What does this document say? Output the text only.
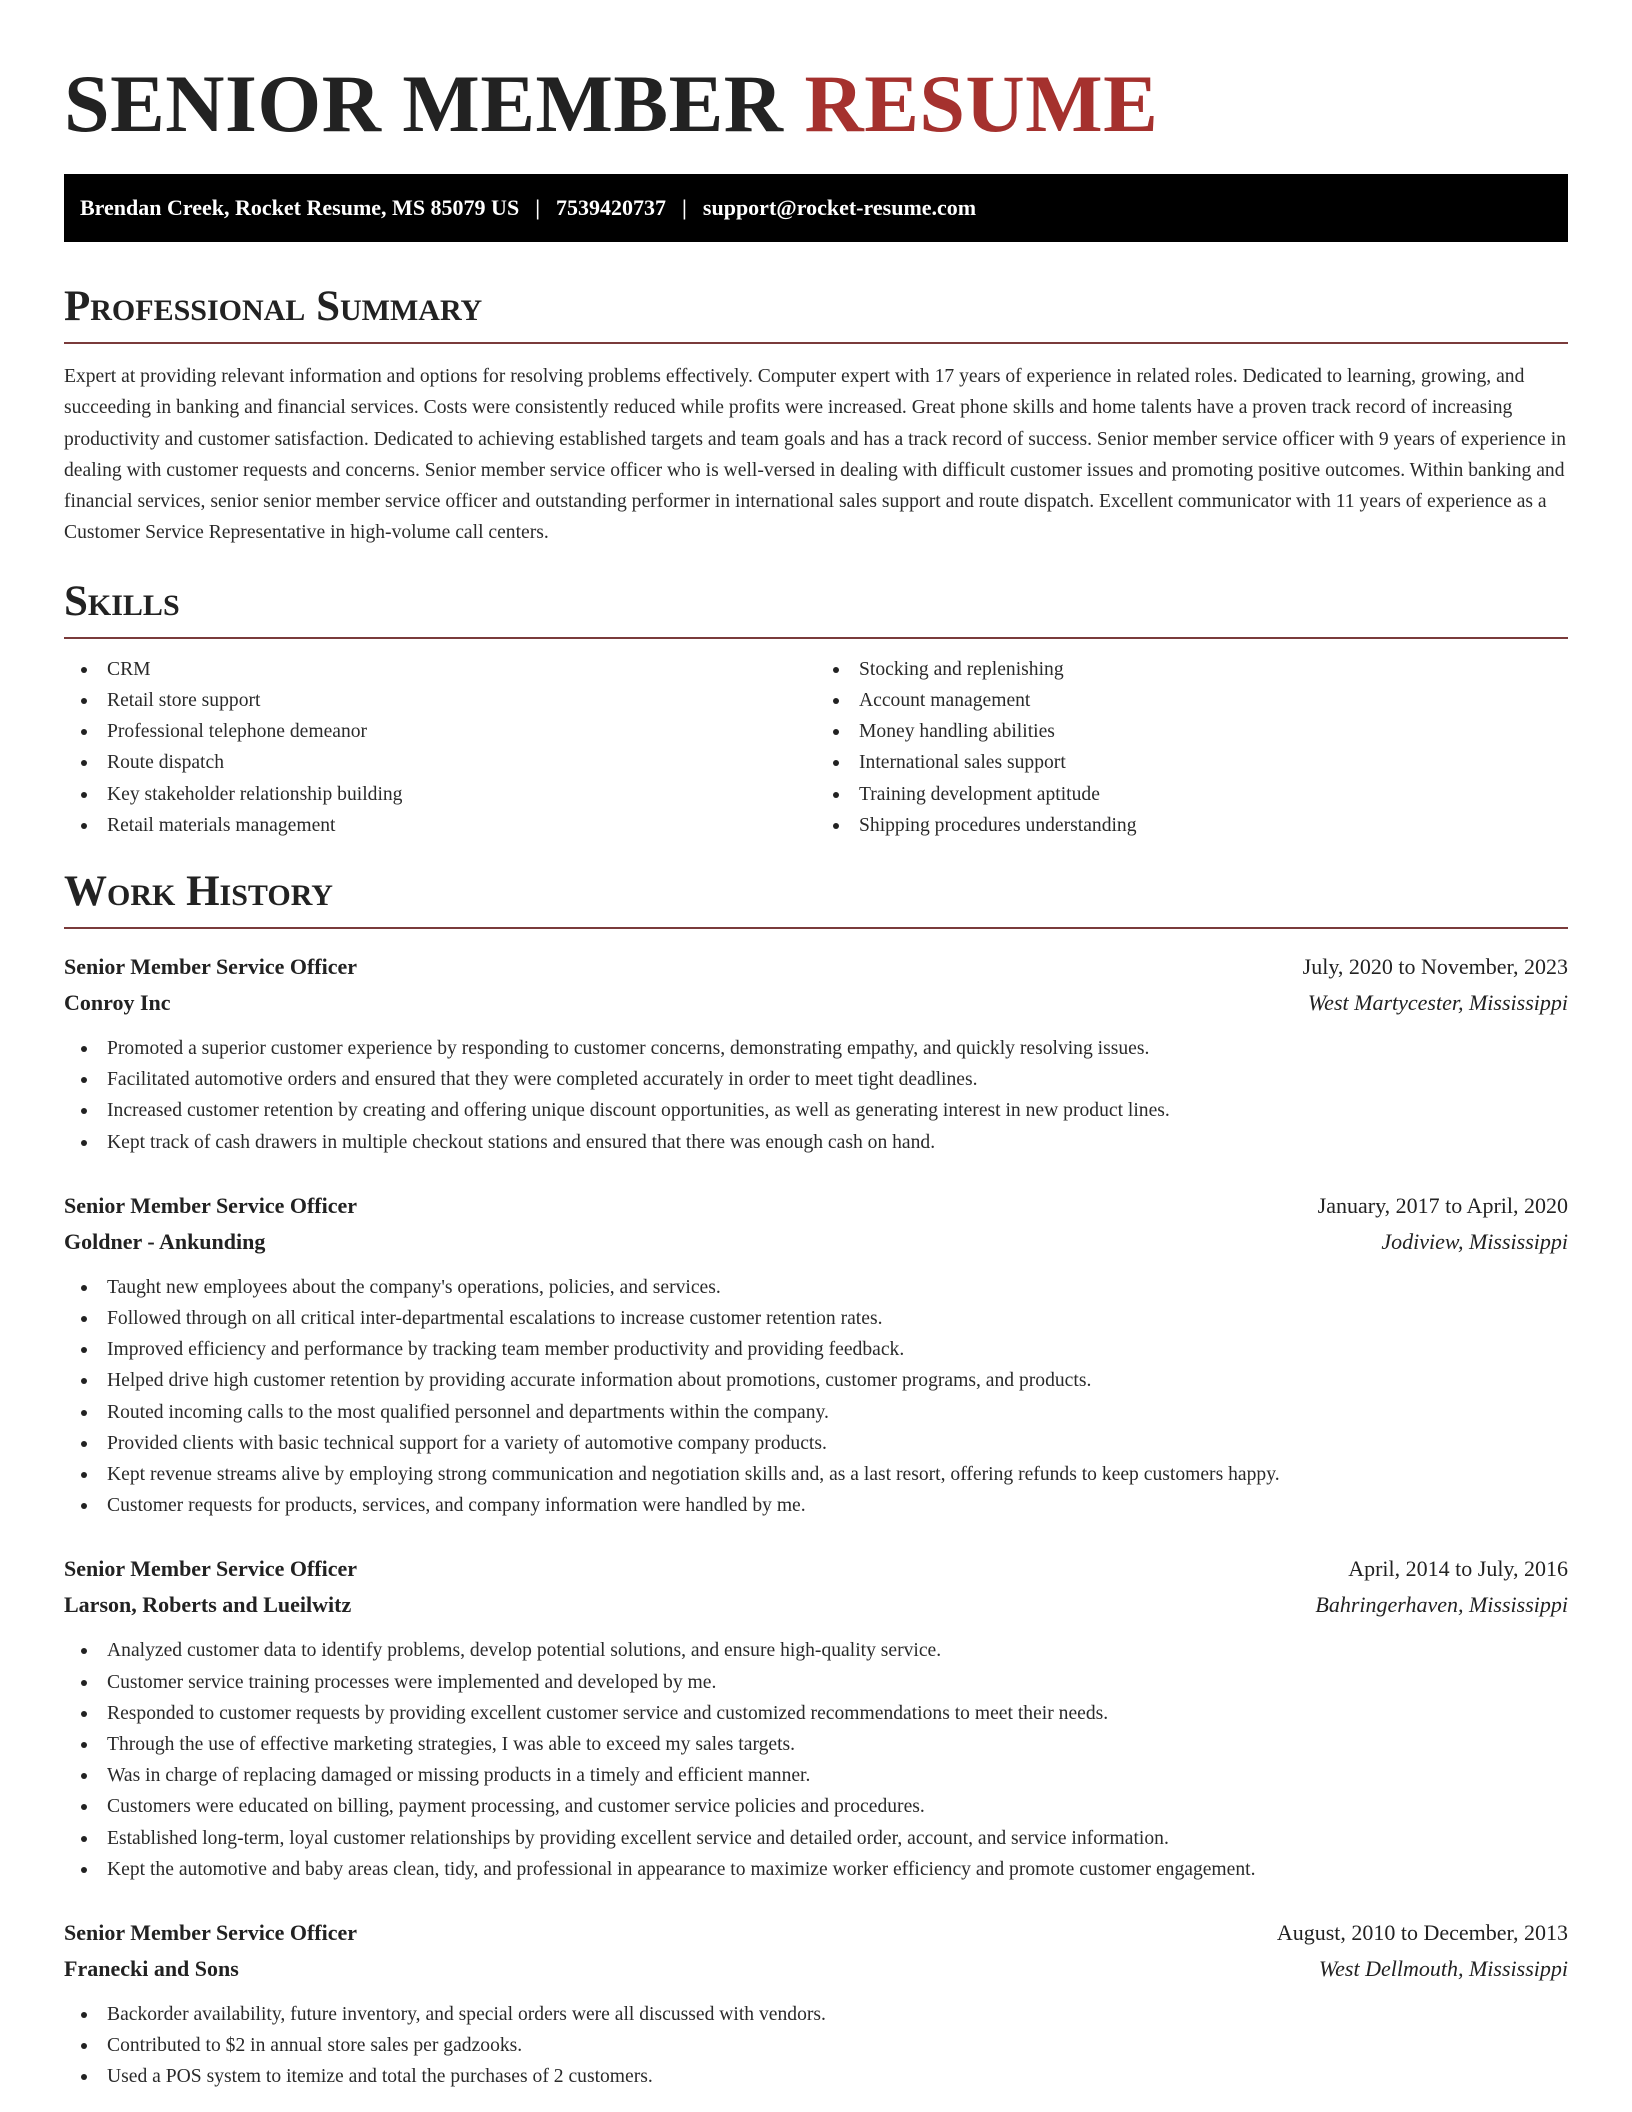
SENIOR MEMBER RESUME
Brendan Creek, Rocket Resume, MS 85079 US | 7539420737 | support@rocket-resume.com
Professional Summary

Expert at providing relevant information and options for resolving problems effectively. Computer expert with 17 years of experience in related roles. Dedicated to learning, growing, and succeeding in banking and financial services. Costs were consistently reduced while profits were increased. Great phone skills and home talents have a proven track record of increasing productivity and customer satisfaction. Dedicated to achieving established targets and team goals and has a track record of success. Senior member service officer with 9 years of experience in dealing with customer requests and concerns. Senior member service officer who is well-versed in dealing with difficult customer issues and promoting positive outcomes. Within banking and financial services, senior senior member service officer and outstanding performer in international sales support and route dispatch. Excellent communicator with 11 years of experience as a Customer Service Representative in high-volume call centers.

Skills
CRM
Retail store support
Professional telephone demeanor
Route dispatch
Key stakeholder relationship building
Retail materials management
Stocking and replenishing
Account management
Money handling abilities
International sales support
Training development aptitude
Shipping procedures understanding
Work History
Senior Member Service Officer	July, 2020 to November, 2023
Conroy Inc	West Martycester, Mississippi
Promoted a superior customer experience by responding to customer concerns, demonstrating empathy, and quickly resolving issues.
Facilitated automotive orders and ensured that they were completed accurately in order to meet tight deadlines.
Increased customer retention by creating and offering unique discount opportunities, as well as generating interest in new product lines.
Kept track of cash drawers in multiple checkout stations and ensured that there was enough cash on hand.
Senior Member Service Officer	January, 2017 to April, 2020
Goldner - Ankunding	Jodiview, Mississippi
Taught new employees about the company's operations, policies, and services.
Followed through on all critical inter-departmental escalations to increase customer retention rates.
Improved efficiency and performance by tracking team member productivity and providing feedback.
Helped drive high customer retention by providing accurate information about promotions, customer programs, and products.
Routed incoming calls to the most qualified personnel and departments within the company.
Provided clients with basic technical support for a variety of automotive company products.
Kept revenue streams alive by employing strong communication and negotiation skills and, as a last resort, offering refunds to keep customers happy.
Customer requests for products, services, and company information were handled by me.
Senior Member Service Officer	April, 2014 to July, 2016
Larson, Roberts and Lueilwitz	Bahringerhaven, Mississippi
Analyzed customer data to identify problems, develop potential solutions, and ensure high-quality service.
Customer service training processes were implemented and developed by me.
Responded to customer requests by providing excellent customer service and customized recommendations to meet their needs.
Through the use of effective marketing strategies, I was able to exceed my sales targets.
Was in charge of replacing damaged or missing products in a timely and efficient manner.
Customers were educated on billing, payment processing, and customer service policies and procedures.
Established long-term, loyal customer relationships by providing excellent service and detailed order, account, and service information.
Kept the automotive and baby areas clean, tidy, and professional in appearance to maximize worker efficiency and promote customer engagement.
Senior Member Service Officer	August, 2010 to December, 2013
Franecki and Sons	West Dellmouth, Mississippi
Backorder availability, future inventory, and special orders were all discussed with vendors.
Contributed to $2 in annual store sales per gadzooks.
Used a POS system to itemize and total the purchases of 2 customers.
